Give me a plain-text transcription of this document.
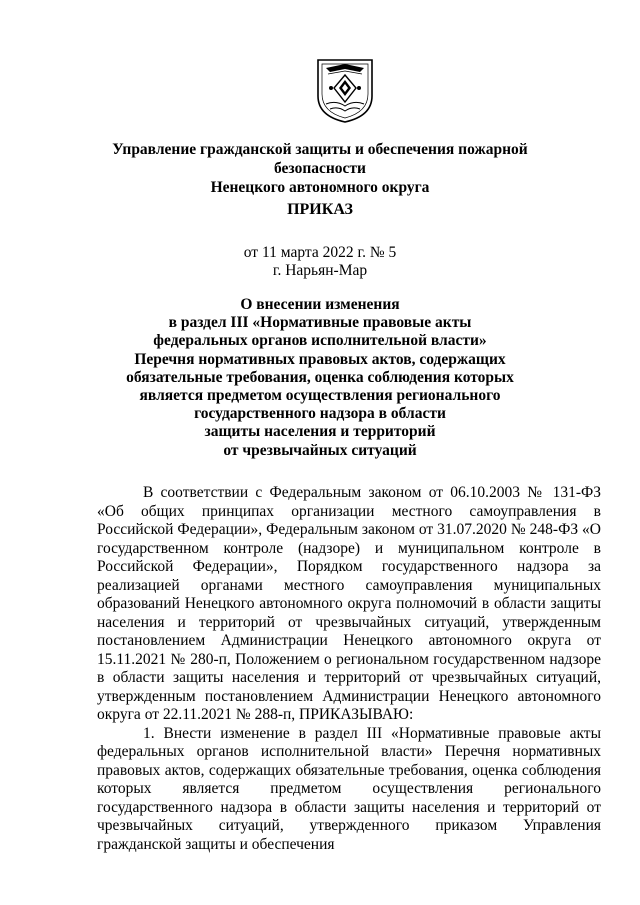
Управление гражданской защиты и обеспечения пожарной безопасности
Ненецкого автономного округа
ПРИКАЗ
от 11 марта 2022 г. № 5
г. Нарьян-Мар
О внесении изменения
в раздел III «Нормативные правовые акты
федеральных органов исполнительной власти»
Перечня нормативных правовых актов, содержащих
обязательные требования, оценка соблюдения которых
является предметом осуществления регионального
государственного надзора в области
защиты населения и территорий
от чрезвычайных ситуаций

В соответствии с Федеральным законом от 06.10.2003 № 131-ФЗ «Об общих принципах организации местного самоуправления в Российской Федерации», Федеральным законом от 31.07.2020 № 248-ФЗ «О государственном контроле (надзоре) и муниципальном контроле в Российской Федерации», Порядком государственного надзора за реализацией органами местного самоуправления муниципальных образований Ненецкого автономного округа полномочий в области защиты населения и территорий от чрезвычайных ситуаций, утвержденным постановлением Администрации Ненецкого автономного округа от 15.11.2021 № 280-п, Положением о региональном государственном надзоре в области защиты населения и территорий от чрезвычайных ситуаций, утвержденным постановлением Администрации Ненецкого автономного округа от 22.11.2021 № 288-п, ПРИКАЗЫВАЮ:

1. Внести изменение в раздел III «Нормативные правовые акты федеральных органов исполнительной власти» Перечня нормативных правовых актов, содержащих обязательные требования, оценка соблюдения которых является предметом осуществления регионального государственного надзора в области защиты населения и территорий от чрезвычайных ситуаций, утвержденного приказом Управления гражданской защиты и обеспечения
